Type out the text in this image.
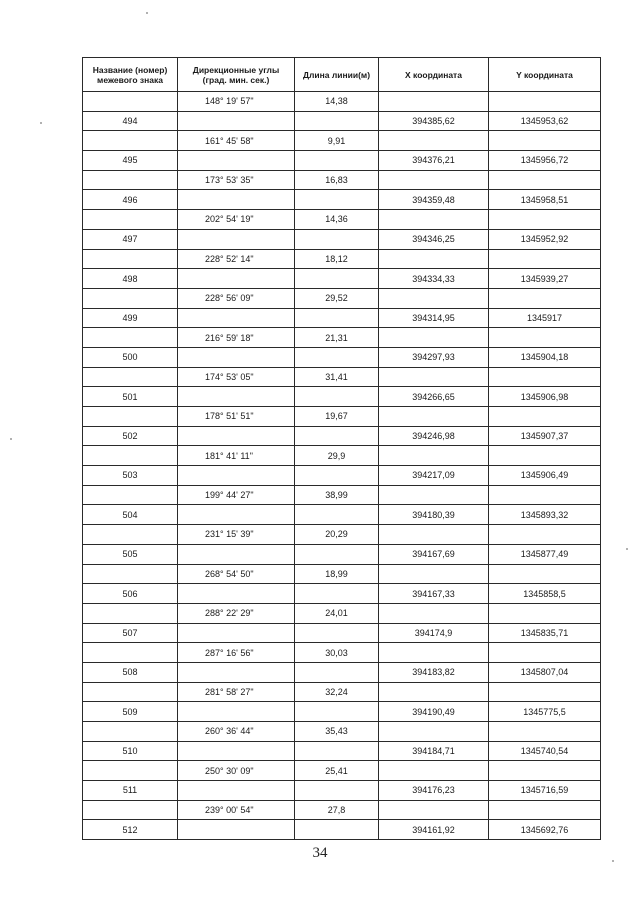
Название (номер) межевого знака	Дирекционные углы (град. мин. сек.)	Длина линии(м)	X координата	Y координата
	148° 19' 57"	14,38		
494			394385,62	1345953,62
	161° 45' 58"	9,91		
495			394376,21	1345956,72
	173° 53' 35"	16,83		
496			394359,48	1345958,51
	202° 54' 19"	14,36		
497			394346,25	1345952,92
	228° 52' 14"	18,12		
498			394334,33	1345939,27
	228° 56' 09"	29,52		
499			394314,95	1345917
	216° 59' 18"	21,31		
500			394297,93	1345904,18
	174° 53' 05"	31,41		
501			394266,65	1345906,98
	178° 51' 51"	19,67		
502			394246,98	1345907,37
	181° 41' 11"	29,9		
503			394217,09	1345906,49
	199° 44' 27"	38,99		
504			394180,39	1345893,32
	231° 15' 39"	20,29		
505			394167,69	1345877,49
	268° 54' 50"	18,99		
506			394167,33	1345858,5
	288° 22' 29"	24,01		
507			394174,9	1345835,71
	287° 16' 56"	30,03		
508			394183,82	1345807,04
	281° 58' 27"	32,24		
509			394190,49	1345775,5
	260° 36' 44"	35,43		
510			394184,71	1345740,54
	250° 30' 09"	25,41		
511			394176,23	1345716,59
	239° 00' 54"	27,8		
512			394161,92	1345692,76
34
